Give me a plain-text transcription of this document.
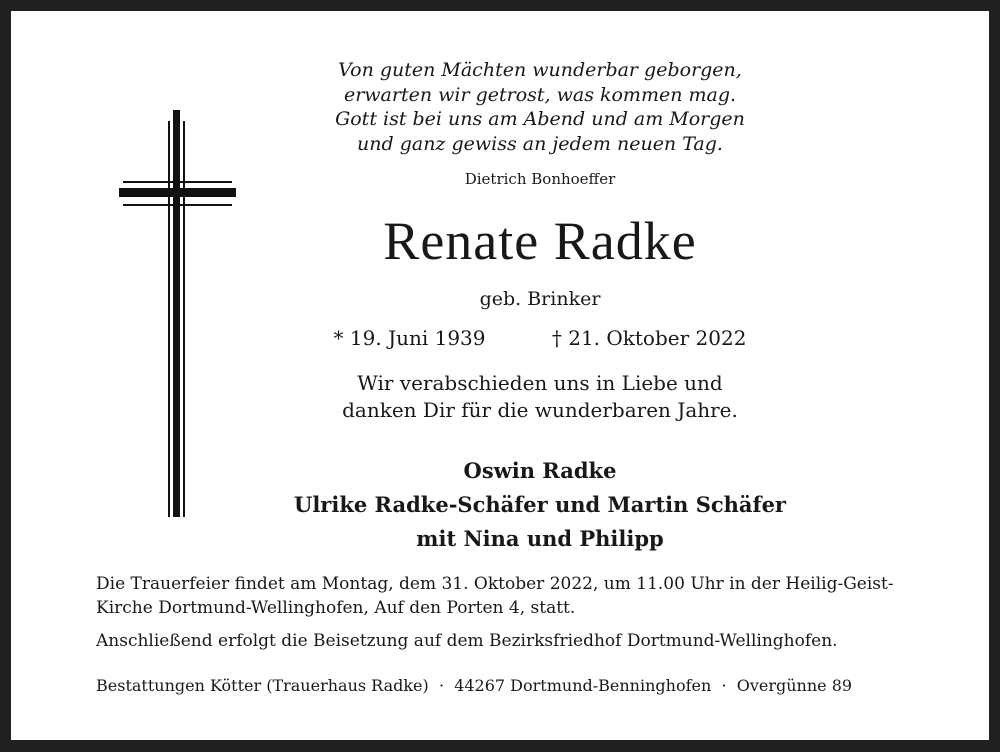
Von guten Mächten wunderbar geborgen,
erwarten wir getrost, was kommen mag.
Gott ist bei uns am Abend und am Morgen
und ganz gewiss an jedem neuen Tag.
Dietrich Bonhoeffer
Renate Radke
geb. Brinker
* 19. Juni 1939	† 21. Oktober 2022
Wir verabschieden uns in Liebe und
danken Dir für die wunderbaren Jahre.
Oswin Radke
Ulrike Radke-Schäfer und Martin Schäfer
mit Nina und Philipp
Die Trauerfeier findet am Montag, dem 31. Oktober 2022, um 11.00 Uhr in der Heilig-Geist-Kirche Dortmund-Wellinghofen, Auf den Porten 4, statt.
Anschließend erfolgt die Beisetzung auf dem Bezirksfriedhof Dortmund-Wellinghofen.
Bestattungen Kötter (Trauerhaus Radke)  ·  44267 Dortmund-Benninghofen  ·  Overgünne 89
